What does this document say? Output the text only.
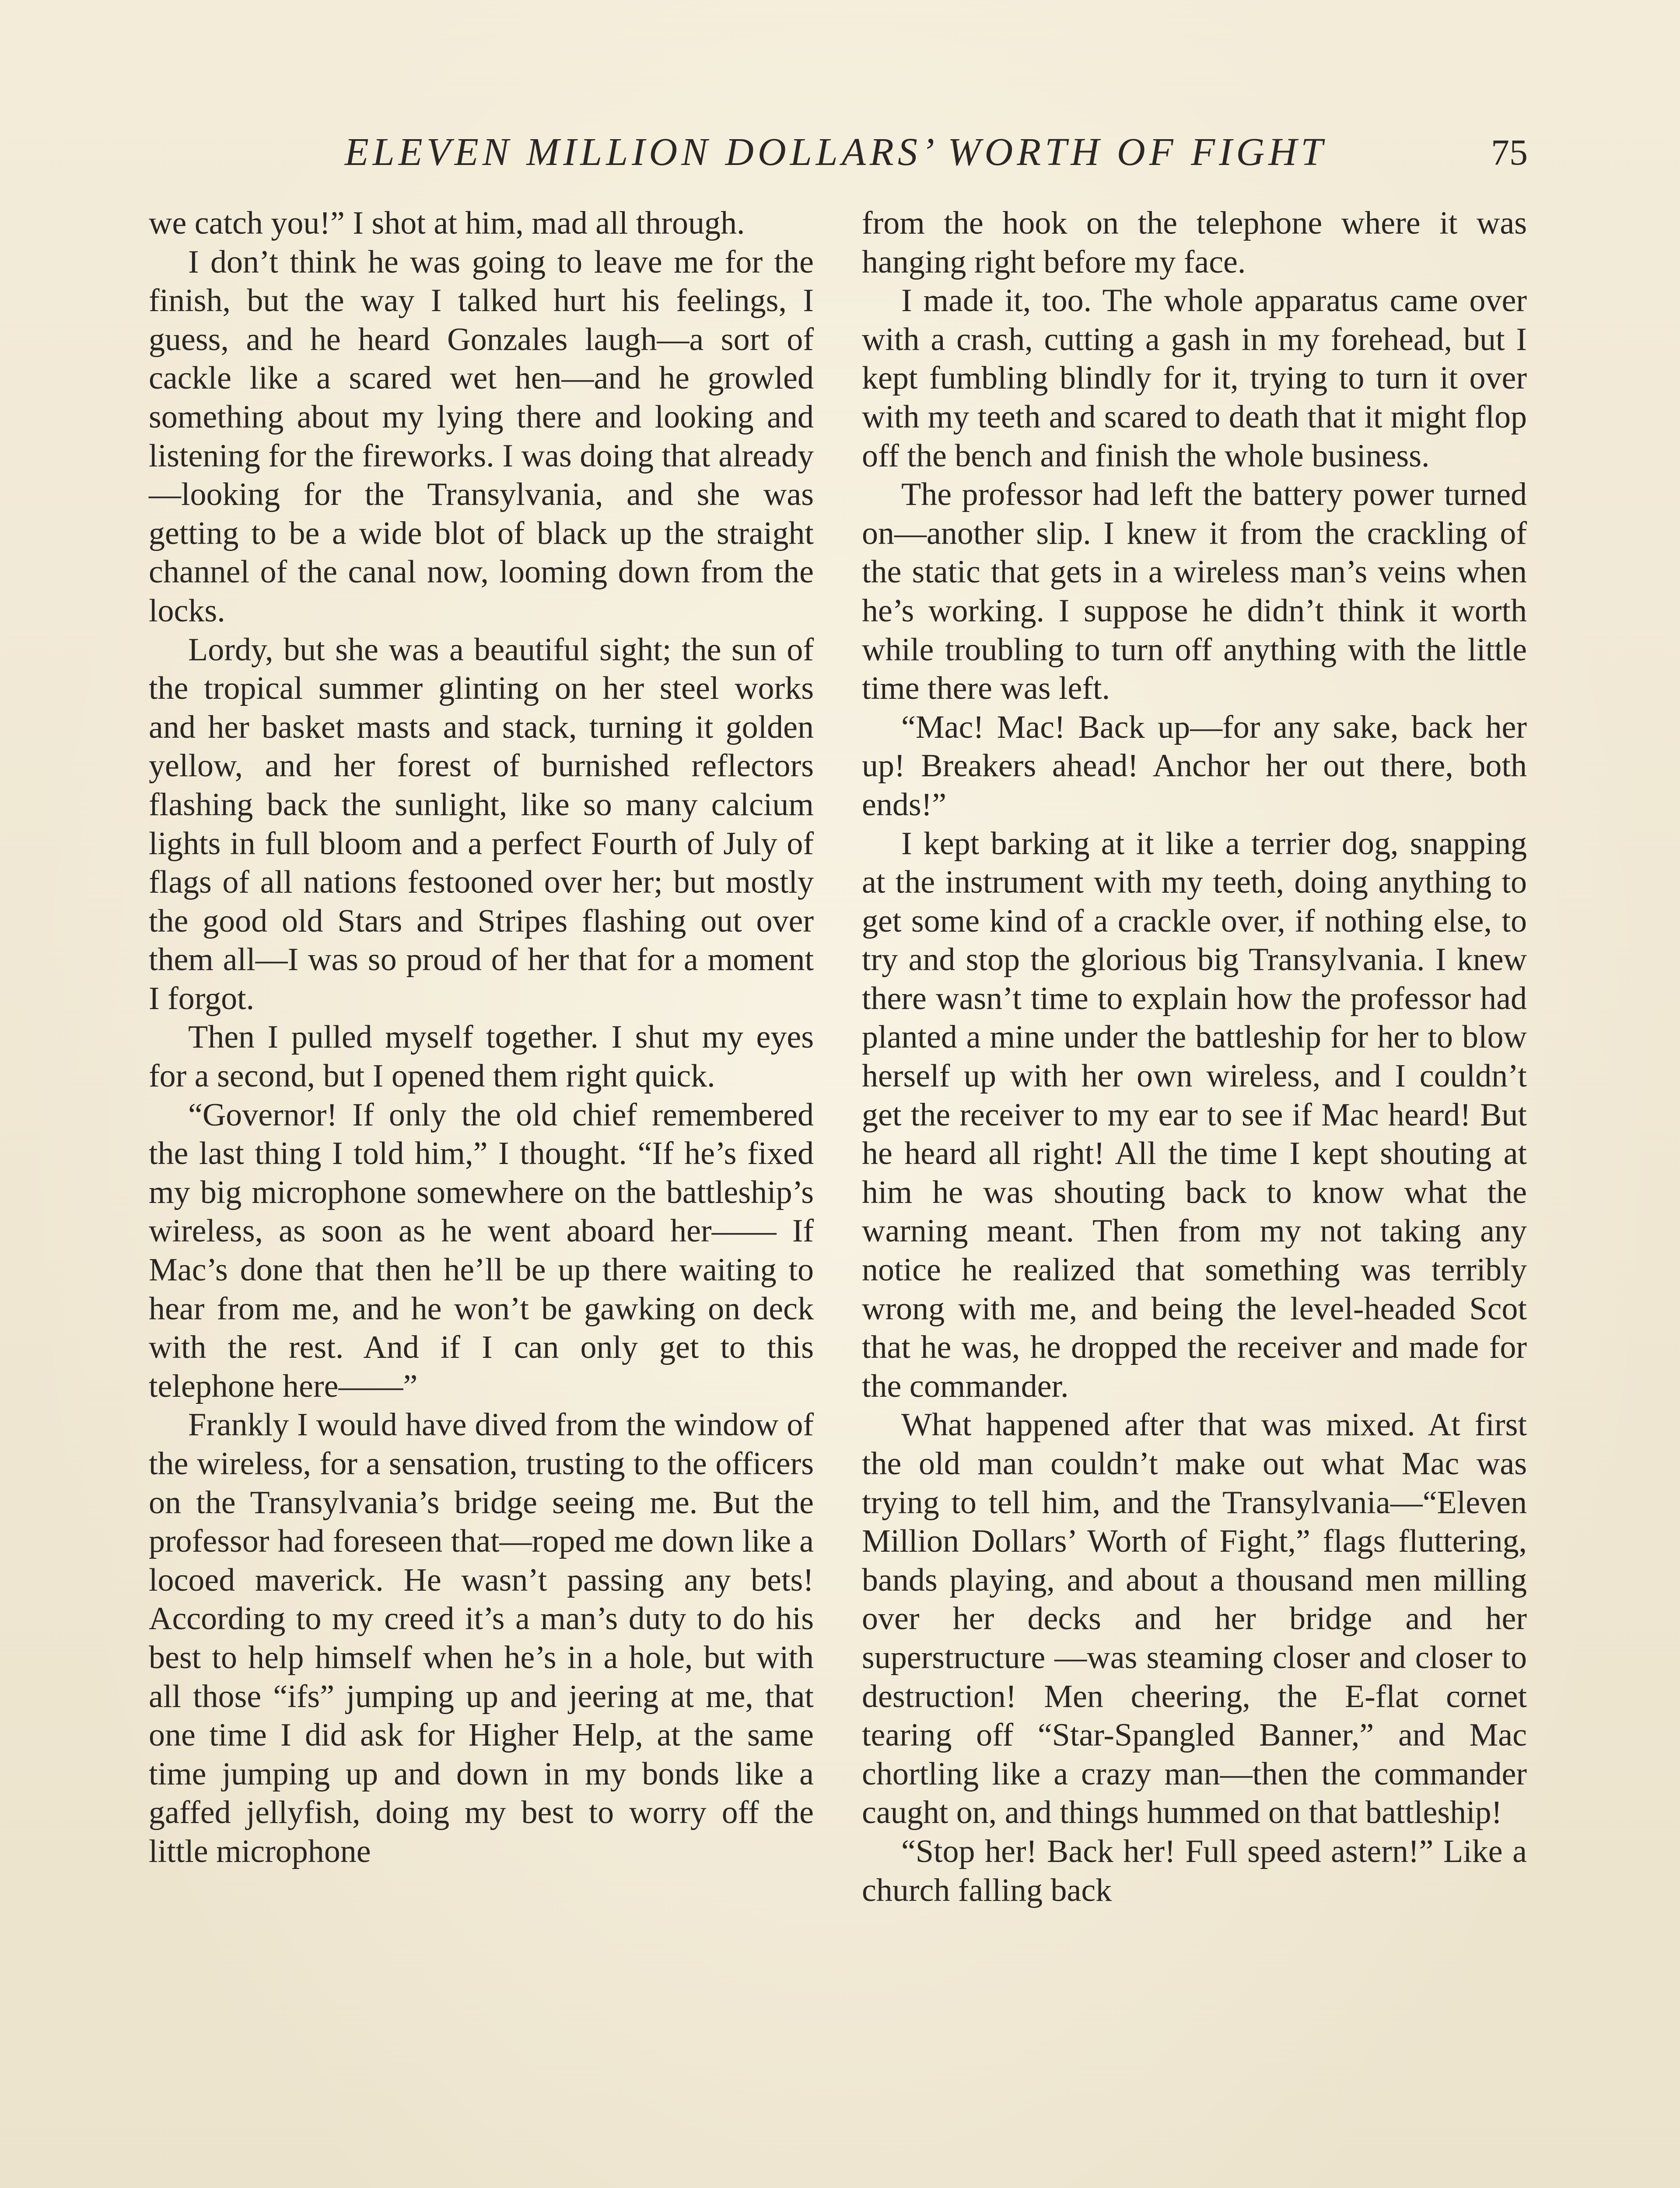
ELEVEN MILLION DOLLARS’ WORTH OF FIGHT	75

we catch you!” I shot at him, mad all through.

I don’t think he was going to leave me for the finish, but the way I talked hurt his feelings, I guess, and he heard Gonzales laugh—a sort of cackle like a scared wet hen—and he growled something about my lying there and looking and listening for the fireworks. I was doing that already—looking for the Transylvania, and she was getting to be a wide blot of black up the straight channel of the canal now, looming down from the locks.

Lordy, but she was a beautiful sight; the sun of the tropical summer glinting on her steel works and her basket masts and stack, turning it golden yellow, and her forest of burnished reflectors flashing back the sunlight, like so many calcium lights in full bloom and a perfect Fourth of July of flags of all nations festooned over her; but mostly the good old Stars and Stripes flashing out over them all—I was so proud of her that for a moment I forgot.

Then I pulled myself together. I shut my eyes for a second, but I opened them right quick.

“Governor! If only the old chief remembered the last thing I told him,” I thought. “If he’s fixed my big microphone somewhere on the battleship’s wireless, as soon as he went aboard her—— If Mac’s done that then he’ll be up there waiting to hear from me, and he won’t be gawking on deck with the rest. And if I can only get to this telephone here——”

Frankly I would have dived from the window of the wireless, for a sensation, trusting to the officers on the Transylvania’s bridge seeing me. But the professor had foreseen that—roped me down like a locoed maverick. He wasn’t passing any bets! According to my creed it’s a man’s duty to do his best to help himself when he’s in a hole, but with all those “ifs” jumping up and jeering at me, that one time I did ask for Higher Help, at the same time jumping up and down in my bonds like a gaffed jellyfish, doing my best to worry off the little microphone

from the hook on the telephone where it was hanging right before my face.

I made it, too. The whole apparatus came over with a crash, cutting a gash in my forehead, but I kept fumbling blindly for it, trying to turn it over with my teeth and scared to death that it might flop off the bench and finish the whole business.

The professor had left the battery power turned on—another slip. I knew it from the crackling of the static that gets in a wireless man’s veins when he’s working. I suppose he didn’t think it worth while troubling to turn off anything with the little time there was left.

“Mac! Mac! Back up—for any sake, back her up! Breakers ahead! Anchor her out there, both ends!”

I kept barking at it like a terrier dog, snapping at the instrument with my teeth, doing anything to get some kind of a crackle over, if nothing else, to try and stop the glorious big Transylvania. I knew there wasn’t time to explain how the professor had planted a mine under the battleship for her to blow herself up with her own wireless, and I couldn’t get the receiver to my ear to see if Mac heard! But he heard all right! All the time I kept shouting at him he was shouting back to know what the warning meant. Then from my not taking any notice he realized that something was terribly wrong with me, and being the level-headed Scot that he was, he dropped the receiver and made for the commander.

What happened after that was mixed. At first the old man couldn’t make out what Mac was trying to tell him, and the Transylvania—“Eleven Million Dollars’ Worth of Fight,” flags fluttering, bands playing, and about a thousand men milling over her decks and her bridge and her superstructure —was steaming closer and closer to destruction! Men cheering, the E-flat cornet tearing off “Star-Spangled Banner,” and Mac chortling like a crazy man—then the commander caught on, and things hummed on that battleship!

“Stop her! Back her! Full speed astern!” Like a church falling back
